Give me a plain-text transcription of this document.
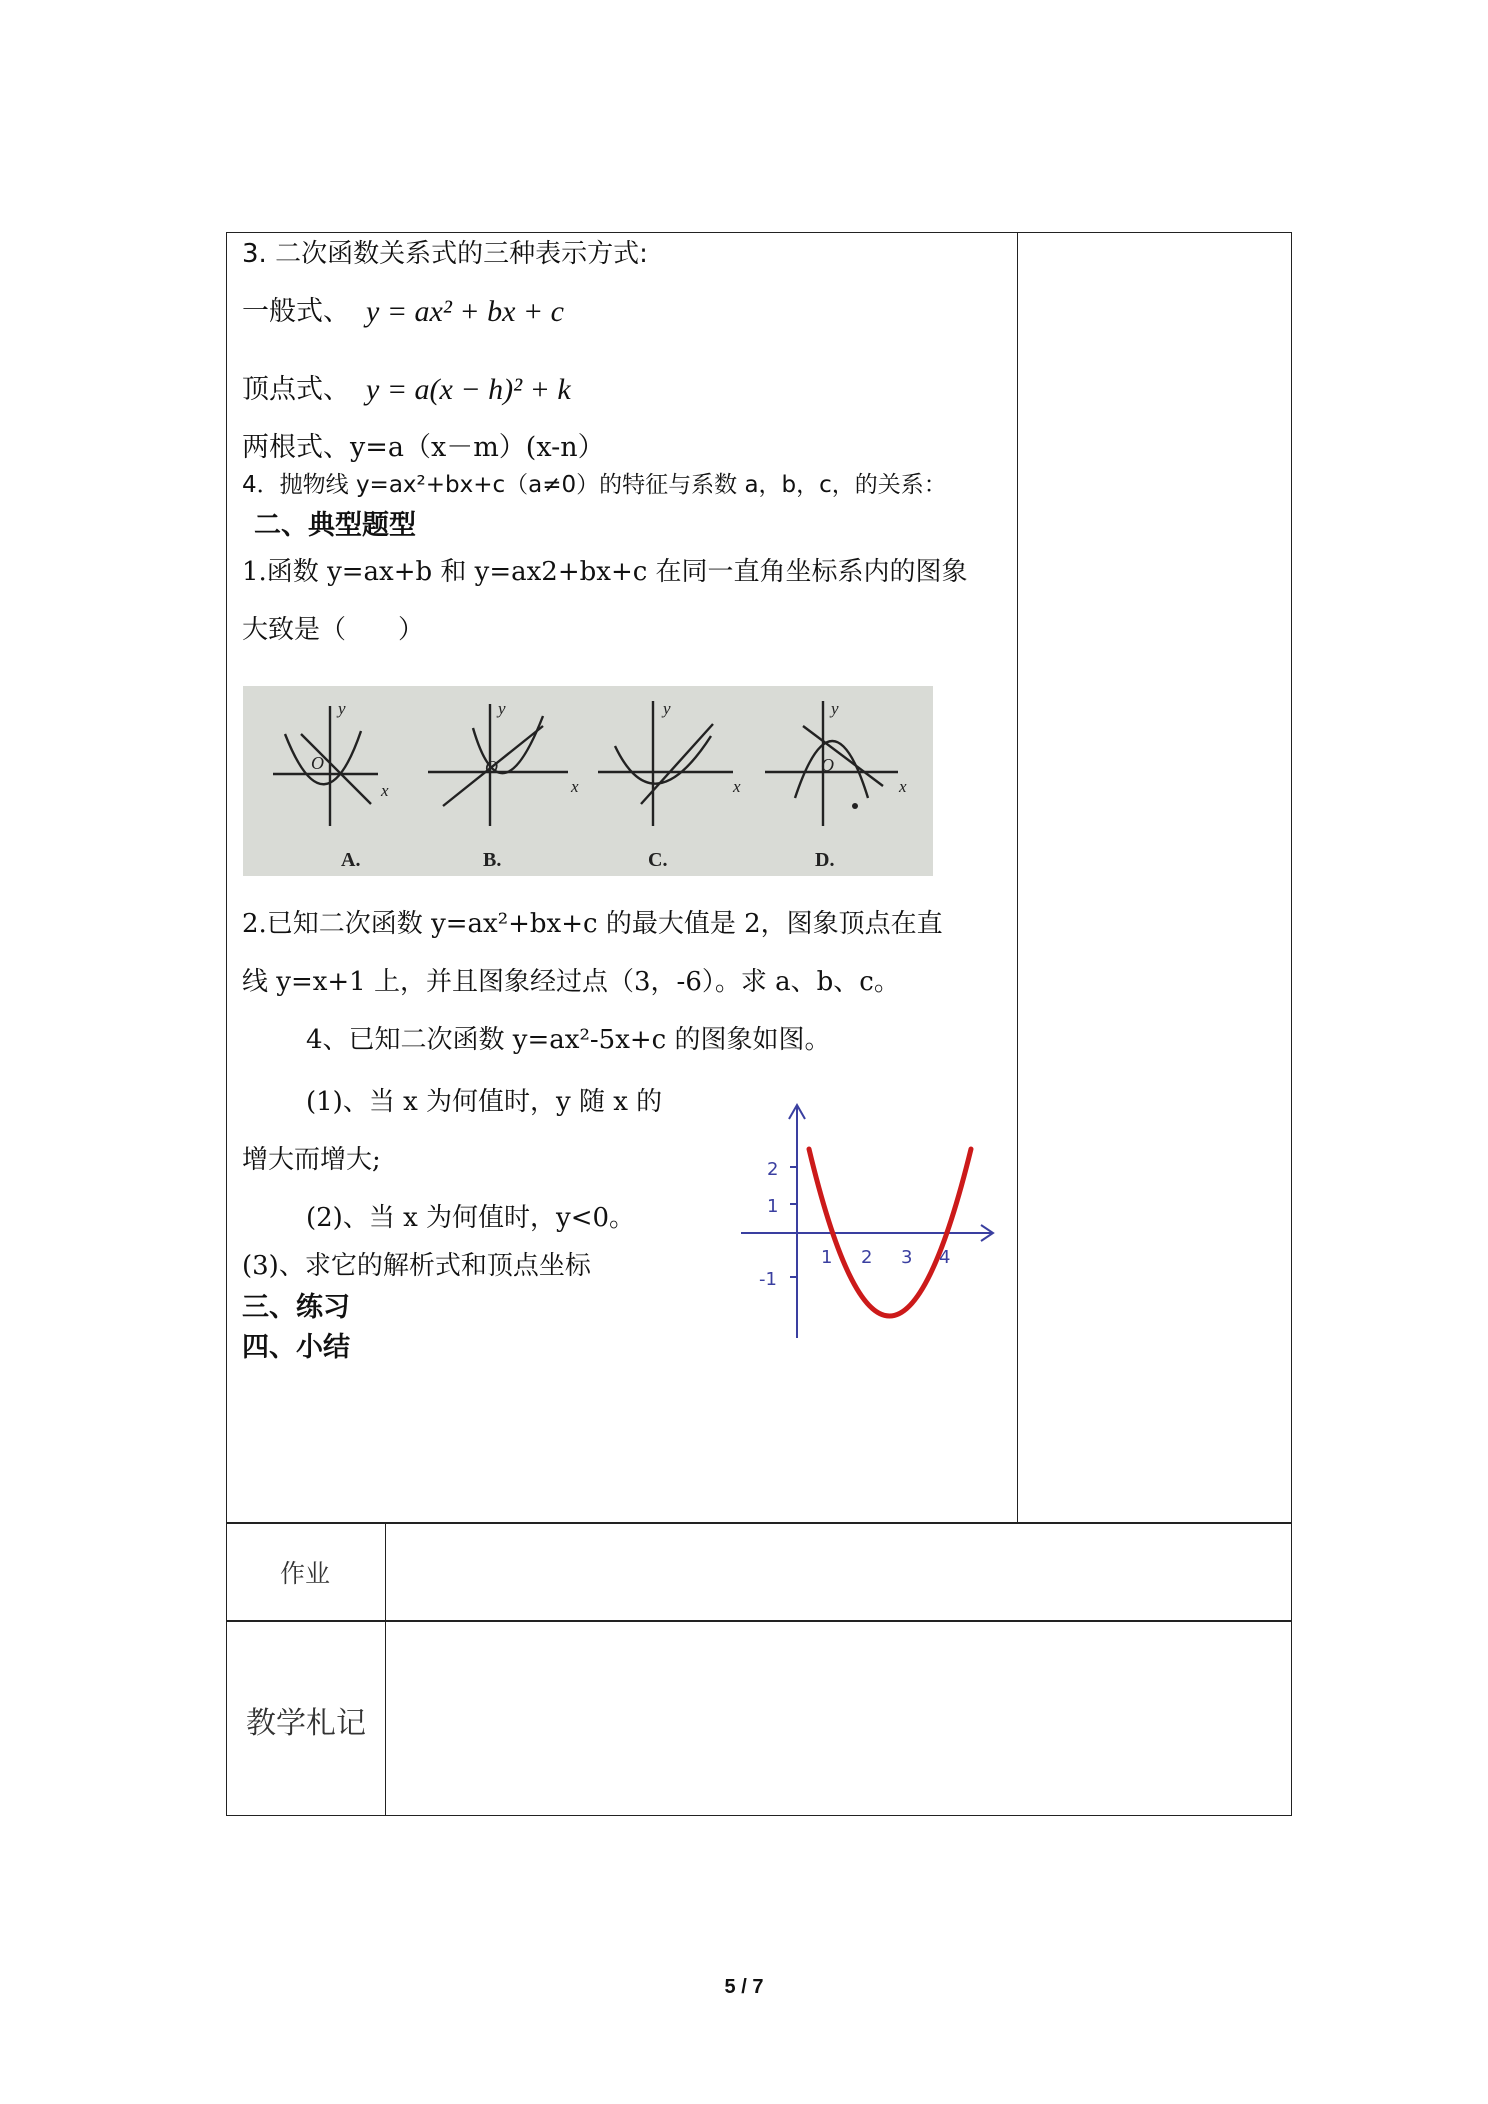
3. 二次函数关系式的三种表示方式:
一般式、 y = ax² + bx + c
顶点式、 y = a(x − h)² + k
两根式、y=a（x－m）(x-n）
4．抛物线 y=ax²+bx+c（a≠0）的特征与系数 a，b，c，的关系：
二、典型题型
1.函数 y=ax+b 和 y=ax2+bx+c 在同一直角坐标系内的图象
大致是（　　）
y
O
x
A.
y
O
x
B.
y
x
C.
y
O
x
D.
2.已知二次函数 y=ax²+bx+c 的最大值是 2，图象顶点在直
线 y=x+1 上，并且图象经过点（3，-6）。求 a、b、c。
4、已知二次函数 y=ax²-5x+c 的图象如图。
(1)、当 x 为何值时，y 随 x 的
增大而增大;
(2)、当 x 为何值时，y<0。
(3)、求它的解析式和顶点坐标
三、练习
四、小结
2
1
-1
1 2 3 4
作业
教学札记
5 / 7
